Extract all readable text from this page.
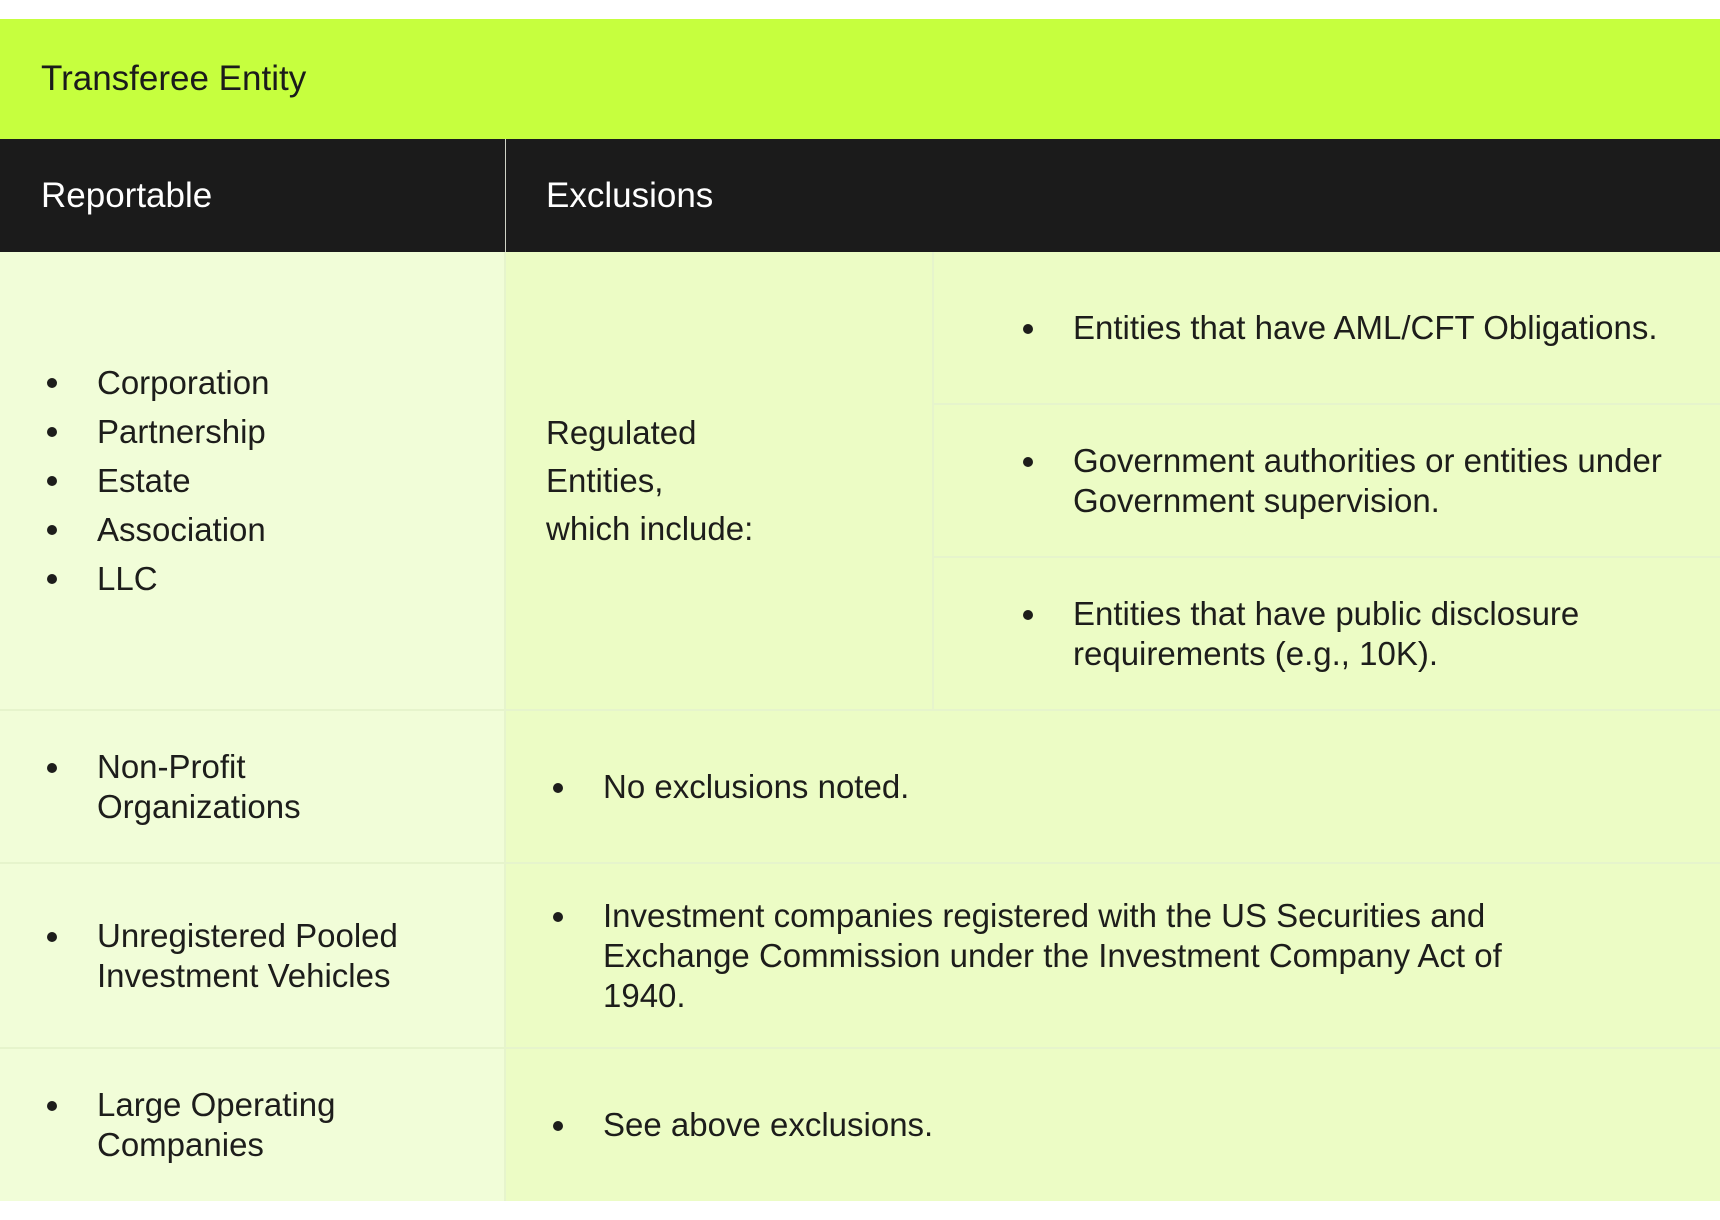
Transferee Entity
Reportable	Exclusions
Corporation
Partnership
Estate
Association
LLC
Regulated
Entities,
which include:
Entities that have AML/CFT Obligations.
Government authorities or entities under Government supervision.
Entities that have public disclosure requirements (e.g., 10K).
Non-Profit Organizations
No exclusions noted.
Unregistered Pooled Investment Vehicles
Investment companies registered with the US Securities and Exchange Commission under the Investment Company Act of 1940.
Large Operating Companies
See above exclusions.
